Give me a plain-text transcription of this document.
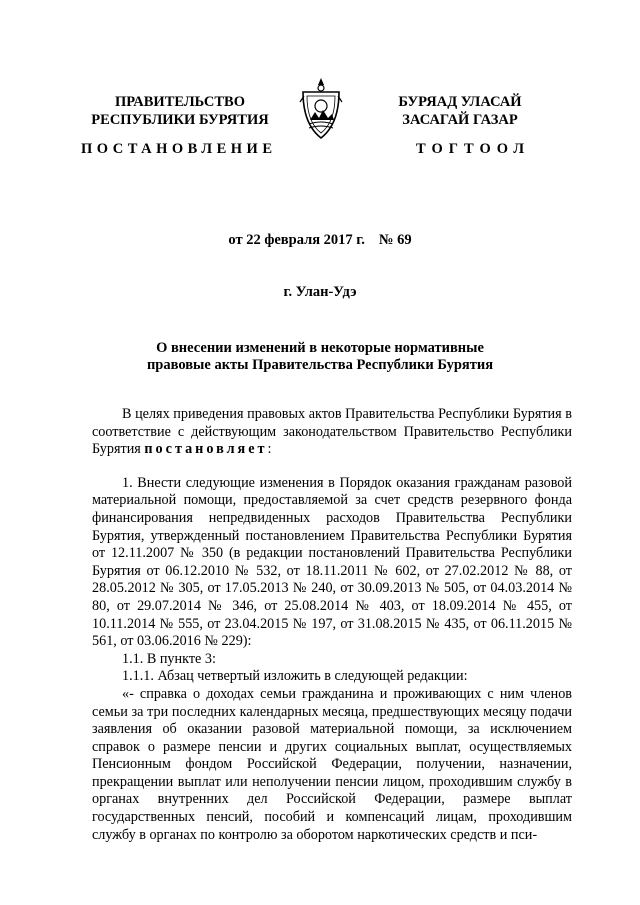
ПРАВИТЕЛЬСТВО
РЕСПУБЛИКИ БУРЯТИЯ
БУРЯАД УЛАСАЙ
ЗАСАГАЙ ГАЗАР
ПОСТАНОВЛЕНИЕ	ТОГТООЛ
от 22 февраля 2017 г. № 69
г. Улан-Удэ
О внесении изменений в некоторые нормативные
правовые акты Правительства Республики Бурятия

В целях приведения правовых актов Правительства Республики Бурятия в соответствие с действующим законодательством Правительство Республики Бурятия постановляет:

1. Внести следующие изменения в Порядок оказания гражданам разовой материальной помощи, предоставляемой за счет средств резервного фонда финансирования непредвиденных расходов Правительства Республики Бурятия, утвержденный постановлением Правительства Республики Бурятия от 12.11.2007 № 350 (в редакции постановлений Правительства Республики Бурятия от 06.12.2010 № 532, от 18.11.2011 № 602, от 27.02.2012 № 88, от 28.05.2012 № 305, от 17.05.2013 № 240, от 30.09.2013 № 505, от 04.03.2014 № 80, от 29.07.2014 № 346, от 25.08.2014 № 403, от 18.09.2014 № 455, от 10.11.2014 № 555, от 23.04.2015 № 197, от 31.08.2015 № 435, от 06.11.2015 № 561, от 03.06.2016 № 229):

1.1. В пункте 3:

1.1.1. Абзац четвертый изложить в следующей редакции:

«- справка о доходах семьи гражданина и проживающих с ним членов семьи за три последних календарных месяца, предшествующих месяцу подачи заявления об оказании разовой материальной помощи, за исключением справок о размере пенсии и других социальных выплат, осуществляемых Пенсионным фондом Российской Федерации, получении, назначении, прекращении выплат или неполучении пенсии лицом, проходившим службу в органах внутренних дел Российской Федерации, размере выплат государственных пенсий, пособий и компенсаций лицам, проходившим службу в органах по контролю за оборотом наркотических средств и пси-
